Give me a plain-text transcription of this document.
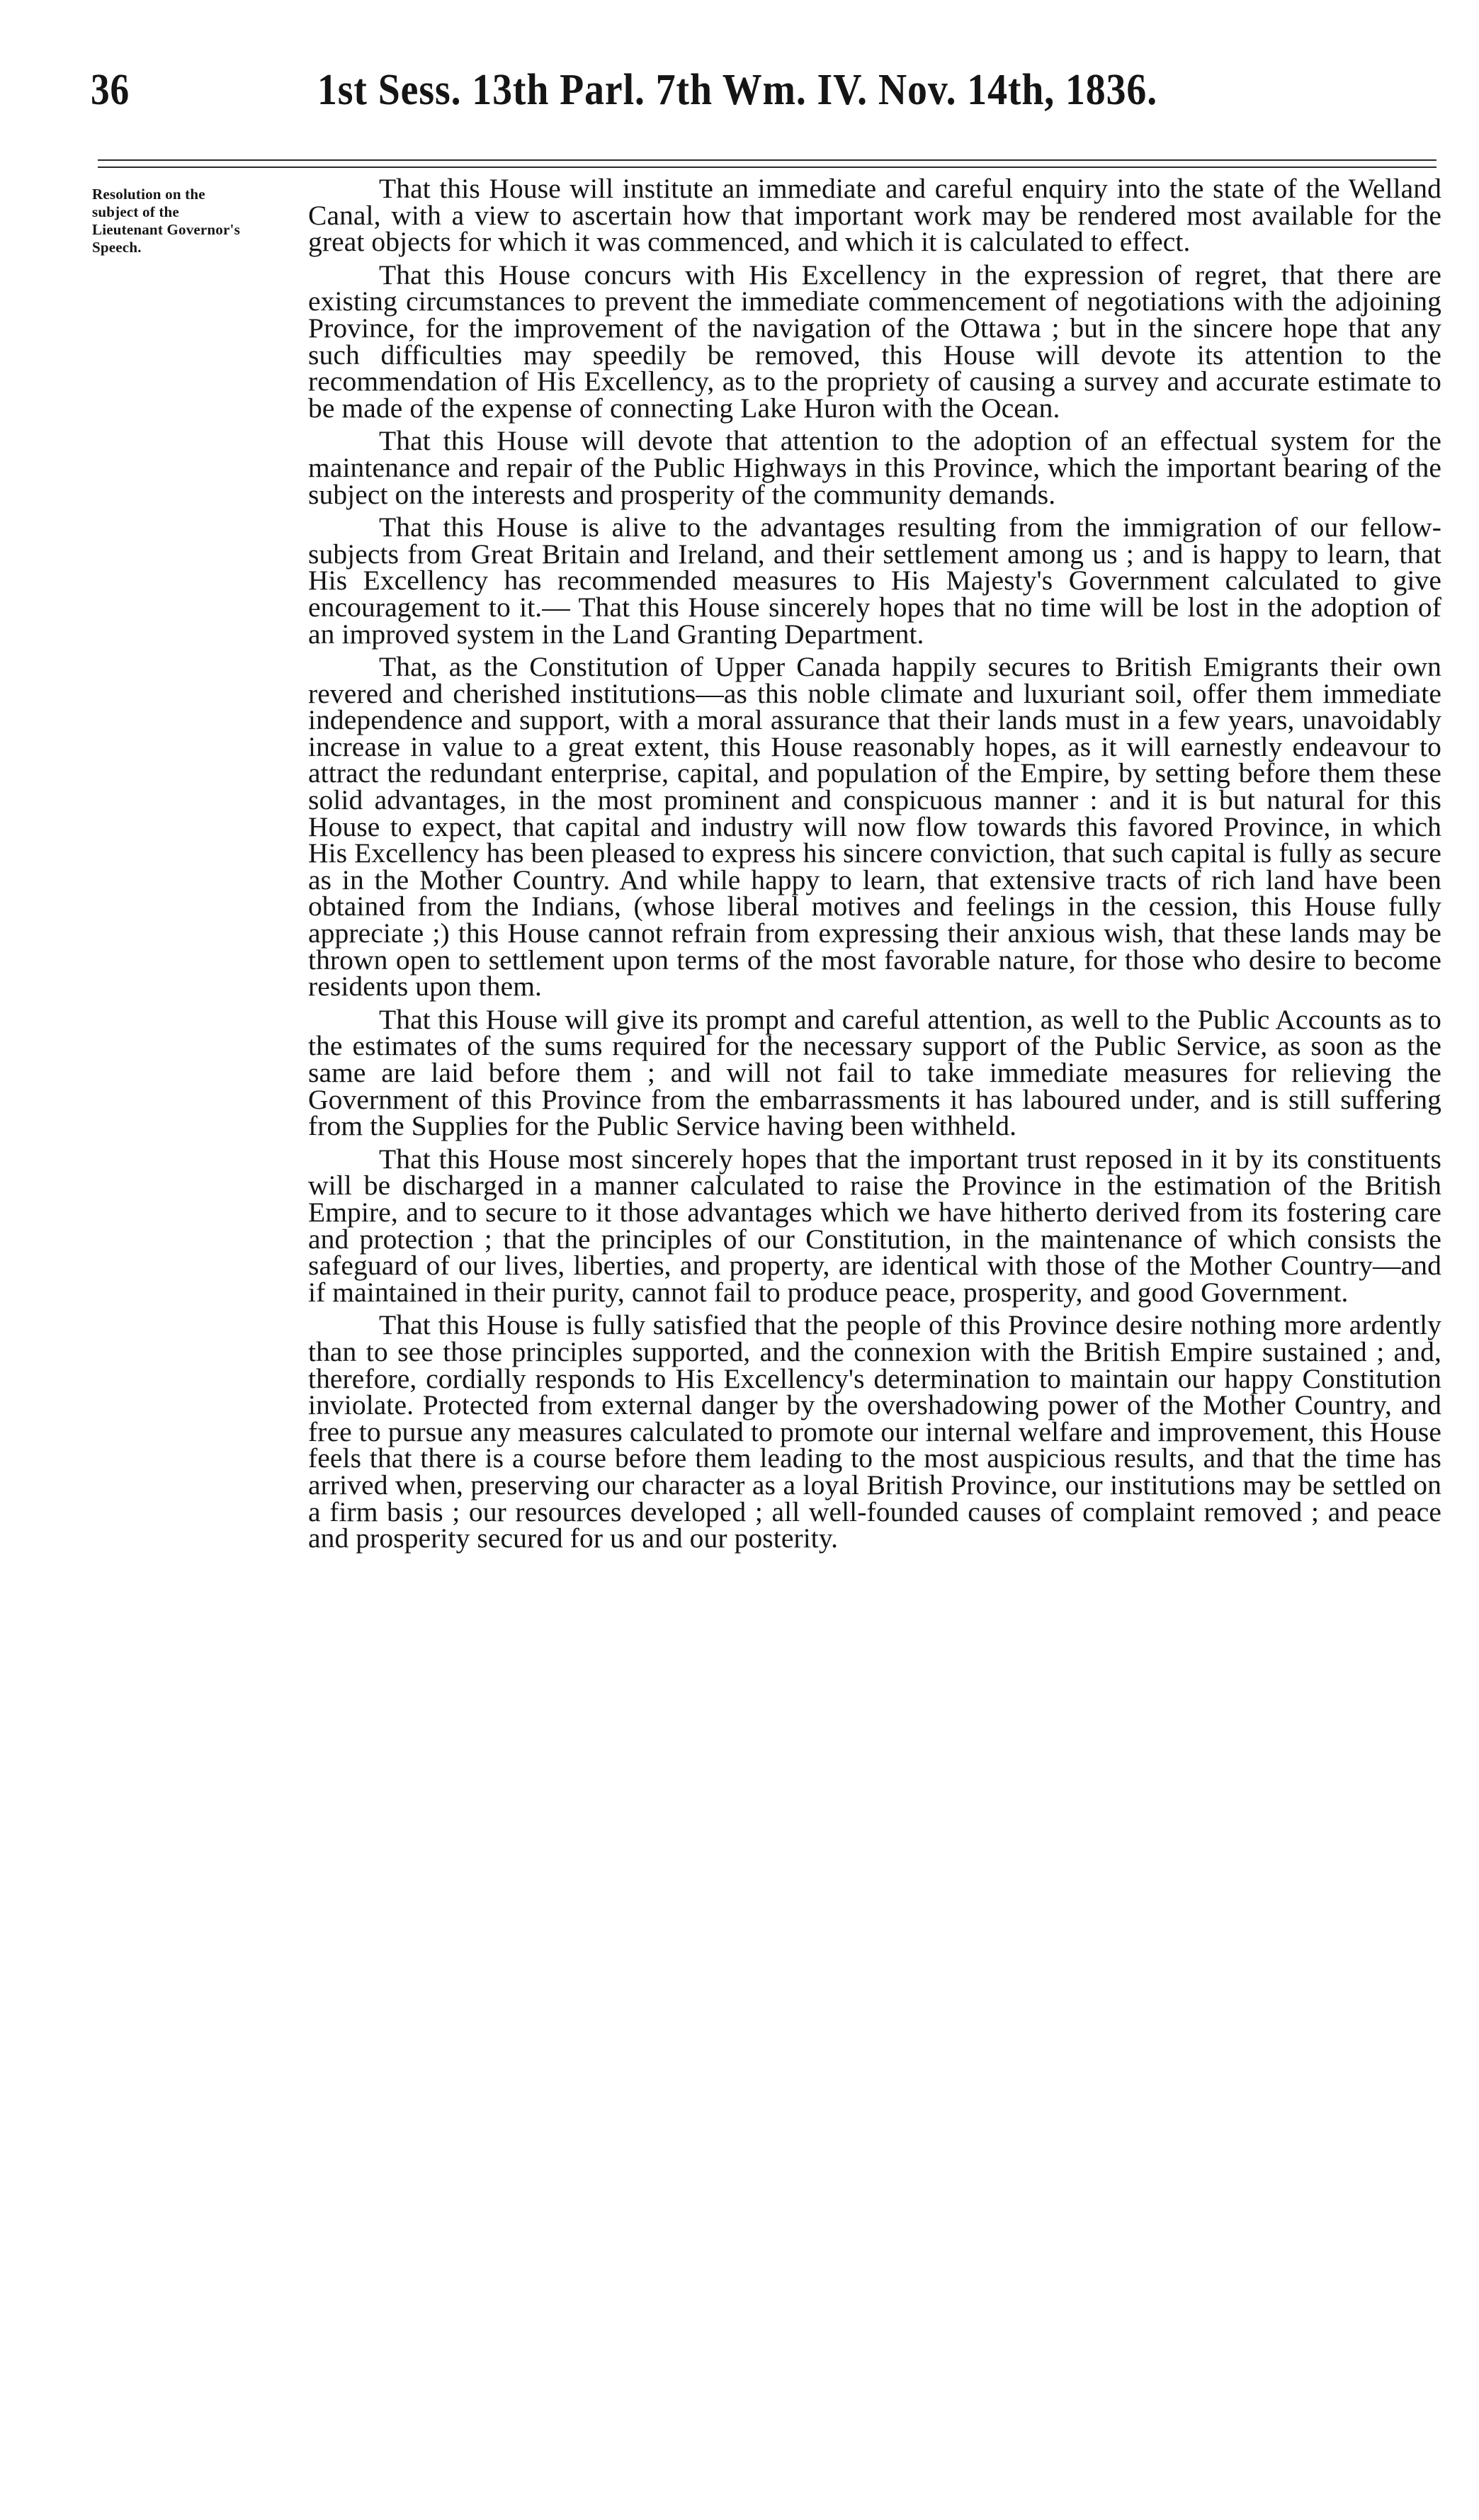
36	1st Sess. 13th Parl. 7th Wm. IV. Nov. 14th, 1836.
Resolution on the
subject of the
Lieutenant Governor's
Speech.

That this House will institute an immediate and careful enquiry into the state of the Welland Canal, with a view to ascertain how that important work may be rendered most available for the great objects for which it was commenced, and which it is calculated to effect.

That this House concurs with His Excellency in the expression of regret, that there are existing circumstances to prevent the immediate commencement of negotiations with the adjoining Province, for the improvement of the navigation of the Ottawa ; but in the sincere hope that any such difficulties may speedily be removed, this House will devote its attention to the recommendation of His Excellency, as to the propriety of causing a survey and accurate estimate to be made of the expense of connecting Lake Huron with the Ocean.

That this House will devote that attention to the adoption of an effectual system for the maintenance and repair of the Public Highways in this Province, which the important bearing of the subject on the interests and prosperity of the community demands.

That this House is alive to the advantages resulting from the immigration of our fellow-subjects from Great Britain and Ireland, and their settlement among us ; and is happy to learn, that His Excellency has recommended measures to His Majesty's Government calculated to give encouragement to it.— That this House sincerely hopes that no time will be lost in the adoption of an improved system in the Land Granting Department.

That, as the Constitution of Upper Canada happily secures to British Emigrants their own revered and cherished institutions—as this noble climate and luxuriant soil, offer them immediate independence and support, with a moral assurance that their lands must in a few years, unavoidably increase in value to a great extent, this House reasonably hopes, as it will earnestly endeavour to attract the redundant enterprise, capital, and population of the Empire, by setting before them these solid advantages, in the most prominent and conspicuous manner : and it is but natural for this House to expect, that capital and industry will now flow towards this favored Province, in which His Excellency has been pleased to express his sincere conviction, that such capital is fully as secure as in the Mother Country. And while happy to learn, that extensive tracts of rich land have been obtained from the Indians, (whose liberal motives and feelings in the cession, this House fully appreciate ;) this House cannot refrain from expressing their anxious wish, that these lands may be thrown open to settlement upon terms of the most favorable nature, for those who desire to become residents upon them.

That this House will give its prompt and careful attention, as well to the Public Accounts as to the estimates of the sums required for the necessary support of the Public Service, as soon as the same are laid before them ; and will not fail to take immediate measures for relieving the Government of this Province from the embarrassments it has laboured under, and is still suffering from the Supplies for the Public Service having been withheld.

That this House most sincerely hopes that the important trust reposed in it by its constituents will be discharged in a manner calculated to raise the Province in the estimation of the British Empire, and to secure to it those advantages which we have hitherto derived from its fostering care and protection ; that the principles of our Constitution, in the maintenance of which consists the safeguard of our lives, liberties, and property, are identical with those of the Mother Country—and if maintained in their purity, cannot fail to produce peace, prosperity, and good Government.

That this House is fully satisfied that the people of this Province desire nothing more ardently than to see those principles supported, and the connexion with the British Empire sustained ; and, therefore, cordially responds to His Excellency's determination to maintain our happy Constitution inviolate. Protected from external danger by the overshadowing power of the Mother Country, and free to pursue any measures calculated to promote our internal welfare and improvement, this House feels that there is a course before them leading to the most auspicious results, and that the time has arrived when, preserving our character as a loyal British Province, our institutions may be settled on a firm basis ; our resources developed ; all well-founded causes of complaint removed ; and peace and prosperity secured for us and our posterity.
